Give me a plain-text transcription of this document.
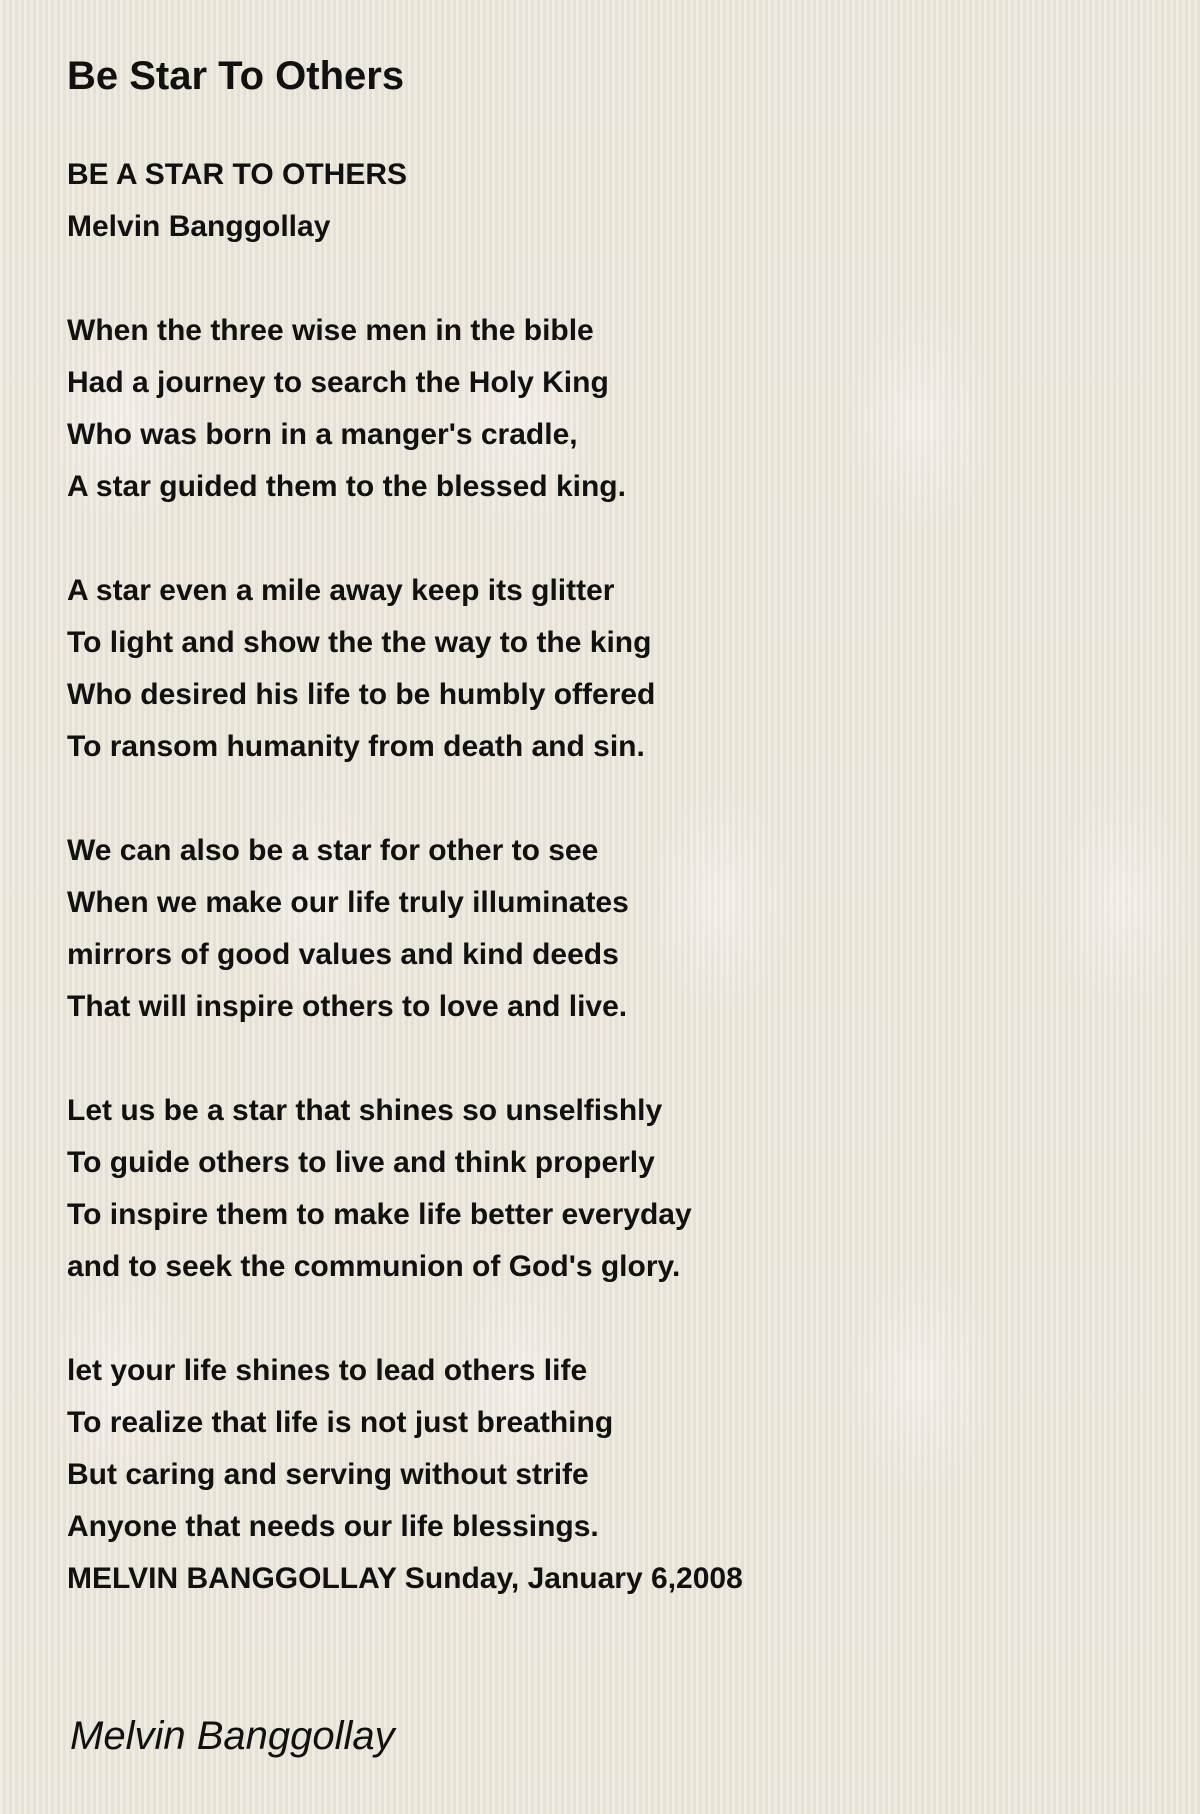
Be Star To Others
BE A STAR TO OTHERS
Melvin Banggollay
When the three wise men in the bible
Had a journey to search the Holy King
Who was born in a manger's cradle,
A star guided them to the blessed king.
A star even a mile away keep its glitter
To light and show the the way to the king
Who desired his life to be humbly offered
To ransom humanity from death and sin.
We can also be a star for other to see
When we make our life truly illuminates
mirrors of good values and kind deeds
That will inspire others to love and live.
Let us be a star that shines so unselfishly
To guide others to live and think properly
To inspire them to make life better everyday
and to seek the communion of God's glory.
let your life shines to lead others life
To realize that life is not just breathing
But caring and serving without strife
Anyone that needs our life blessings.
MELVIN BANGGOLLAY Sunday, January 6,2008
Melvin Banggollay
